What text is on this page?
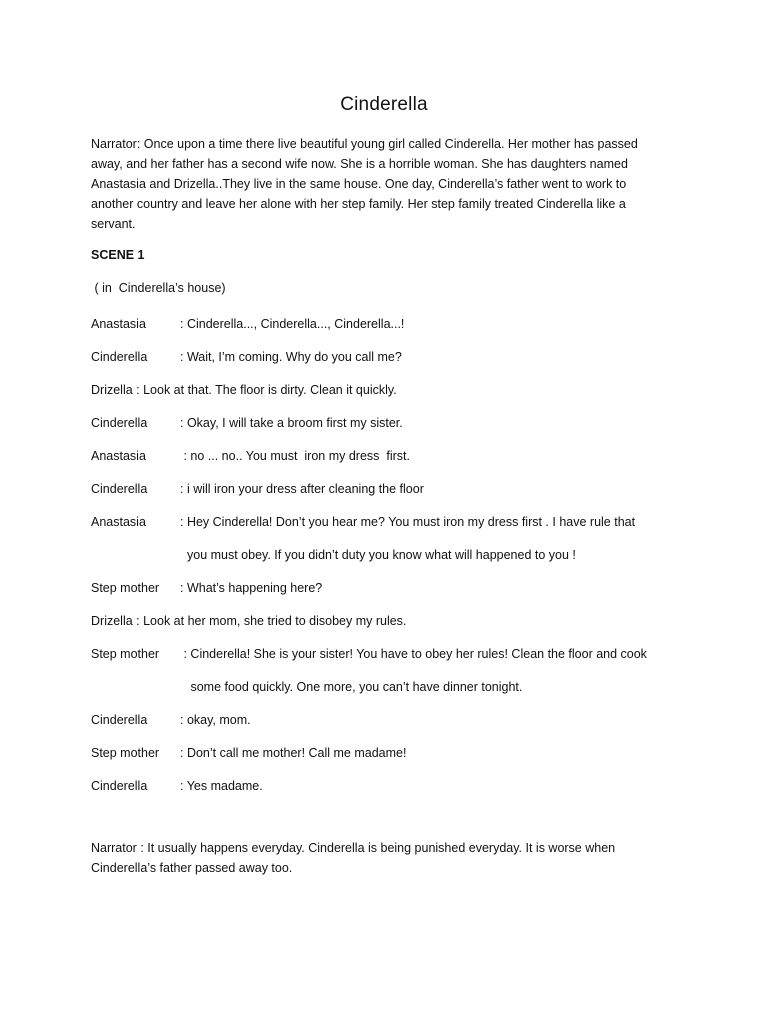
Cinderella

Narrator: Once upon a time there live beautiful young girl called Cinderella. Her mother has passed away, and her father has a second wife now. She is a horrible woman. She has daughters named Anastasia and Drizella..They live in the same house. One day, Cinderella’s father went to work to another country and leave her alone with her step family. Her step family treated Cinderella like a servant.

SCENE 1

( in  Cinderella’s house)

Anastasia	: Cinderella..., Cinderella..., Cinderella...!
Cinderella	: Wait, I’m coming. Why do you call me?
Drizella : Look at that. The floor is dirty. Clean it quickly.
Cinderella	: Okay, I will take a broom first my sister.
Anastasia	: no ... no.. You must  iron my dress  first.
Cinderella	: i will iron your dress after cleaning the floor
Anastasia	: Hey Cinderella! Don’t you hear me? You must iron my dress first . I have rule that
you must obey. If you didn’t duty you know what will happened to you !
Step mother : What’s happening here?
Drizella : Look at her mom, she tried to disobey my rules.
Step mother : Cinderella! She is your sister! You have to obey her rules! Clean the floor and cook
some food quickly. One more, you can’t have dinner tonight.
Cinderella	: okay, mom.
Step mother : Don’t call me mother! Call me madame!
Cinderella	: Yes madame.

Narrator : It usually happens everyday. Cinderella is being punished everyday. It is worse when Cinderella’s father passed away too.
